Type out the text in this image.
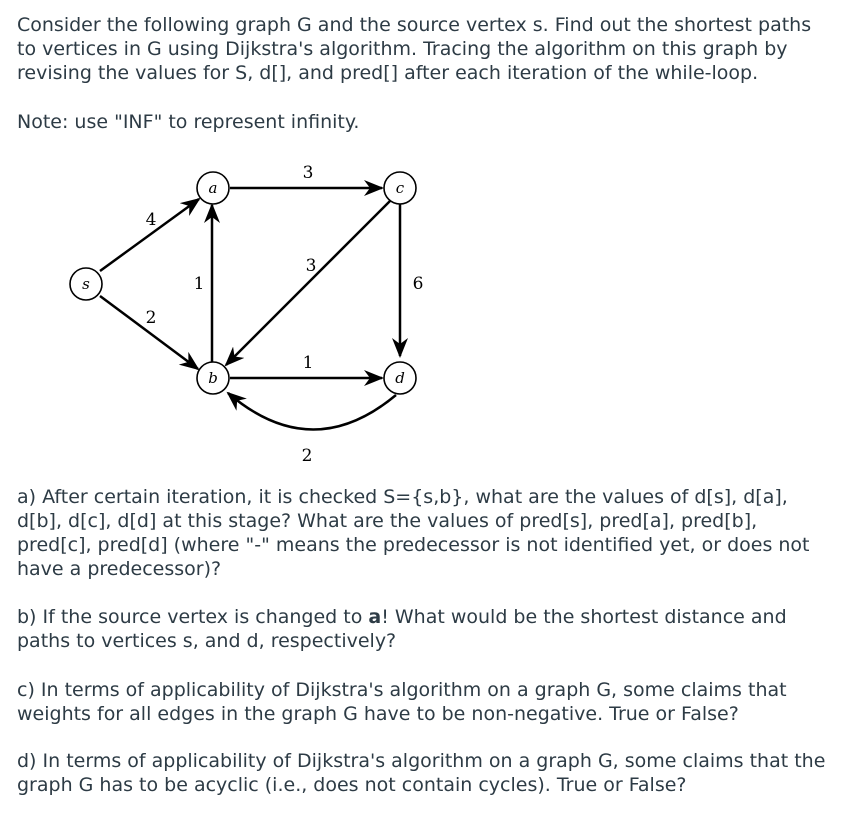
Consider the following graph G and the source vertex s. Find out the shortest paths to vertices in G using Dijkstra's algorithm. Tracing the algorithm on this graph by revising the values for S, d[], and pred[] after each iteration of the while-loop.

Note: use "INF" to represent infinity.

s
a	c
b	d
4
2
1
3
3
1
6
2

a) After certain iteration, it is checked S={s,b}, what are the values of d[s], d[a], d[b], d[c], d[d] at this stage? What are the values of pred[s], pred[a], pred[b], pred[c], pred[d] (where "-" means the predecessor is not identified yet, or does not have a predecessor)?

b) If the source vertex is changed to a! What would be the shortest distance and paths to vertices s, and d, respectively?

c) In terms of applicability of Dijkstra's algorithm on a graph G, some claims that weights for all edges in the graph G have to be non-negative. True or False?

d) In terms of applicability of Dijkstra's algorithm on a graph G, some claims that the graph G has to be acyclic (i.e., does not contain cycles). True or False?
